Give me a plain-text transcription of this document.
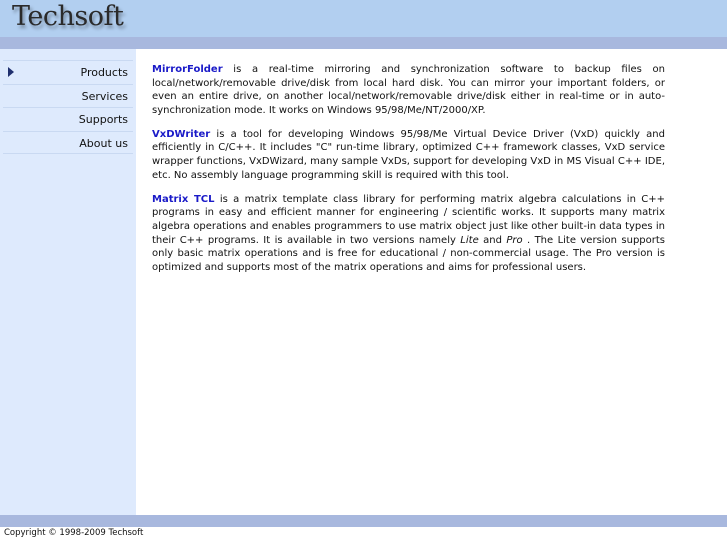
Techsoft
Products
Services
Supports
About us

MirrorFolder is a real-time mirroring and synchronization software to backup files on local/network/removable drive/disk from local hard disk. You can mirror your important folders, or even an entire drive, on another local/network/removable drive/disk either in real-time or in auto-synchronization mode. It works on Windows 95/98/Me/NT/2000/XP.

VxDWriter is a tool for developing Windows 95/98/Me Virtual Device Driver (VxD) quickly and efficiently in C/C++. It includes "C" run-time library, optimized C++ framework classes, VxD service wrapper functions, VxDWizard, many sample VxDs, support for developing VxD in MS Visual C++ IDE, etc. No assembly language programming skill is required with this tool.

Matrix TCL is a matrix template class library for performing matrix algebra calculations in C++ programs in easy and efficient manner for engineering / scientific works. It supports many matrix algebra operations and enables programmers to use matrix object just like other built-in data types in their C++ programs. It is available in two versions namely Lite and Pro . The Lite version supports only basic matrix operations and is free for educational / non-commercial usage. The Pro version is optimized and supports most of the matrix operations and aims for professional users.

Copyright © 1998-2009 Techsoft
